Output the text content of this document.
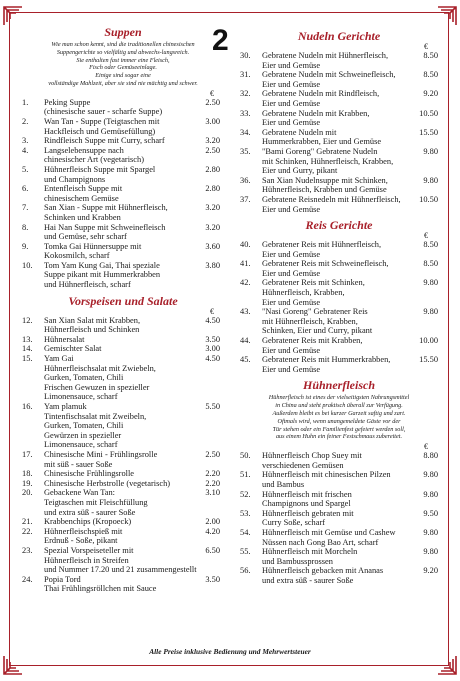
2
Suppen
Wie man schon kennt, sind die traditionellen chinesischen
Suppengerichte so vielfältig und abwechs-lungsreich.
Sie enthalten fast immer eine Fleisch,
Fisch oder Gemüseeinlage.
Einige sind sogar eine
vollständige Mahlzeit, aber sie sind nie mächtig und schwer.
€
1.	Peking Suppe
(chinesische sauer - scharfe Suppe)
2.50
2.	Wan Tan - Suppe (Teigtaschen mit
Hackfleisch und Gemüsefüllung)
3.00
3.	Rindfleisch Suppe mit Curry, scharf	3.20
4.	Langselebensuppe nach
chinesischer Art (vegetarisch)
2.50
5.	Hühnerfleisch Suppe mit Spargel
und Champignons
2.80
6.	Entenfleisch Suppe mit
chinesischem Gemüse
2.80
7.	San Xian - Suppe mit Hühnerfleisch,
Schinken und Krabben
3.20
8.	Hai Nan Suppe mit Schweinefleisch
und Gemüse, sehr scharf
3.20
9.	Tomka Gai Hünnersuppe mit
Kokosmilch, scharf
3.60
10.	Tom Yam Kung Gai, Thai speziale
Suppe pikant mit Hummerkrabben
und Hühnerfleisch, scharf
3.80
Vorspeisen und Salate
€
12.	San Xian Salat mit Krabben,
Hühnerfleisch und Schinken
4.50
13.	Hühnersalat	3.50
14.	Gemischter Salat	3.00
15.	Yam Gai
Hühnerfleischsalat mit Zwiebeln,
Gurken, Tomaten, Chili
Frischen Gewuzen in spezieller
Limonensauce, scharf
4.50
16.	Yam plamuk
Tintenfischsalat mit Zweibeln,
Gurken, Tomaten, Chili
Gewürzen in spezieller
Limonensauce, scharf
5.50
17.	Chinesische Mini - Frühlingsrolle
mit süß - sauer Soße
2.50
18.	Chinesische Frühlingsrolle	2.20
19.	Chinesische Herbstrolle (vegetarisch)	2.20
20.	Gebackene Wan Tan:
Teigtaschen mit Fleischfüllung
und extra süß - saurer Soße
3.10
21.	Krabbenchips (Kropoeck)	2.00
22.	Hühnerfleischspieß mit
Erdnuß - Soße, pikant
4.20
23.	Spezial Vorspeiseteller mit
Hühnerfleisch in Streifen
und Nummer 17.20 und 21 zusammengestellt
6.50
24.	Popia Tord
Thai Frühlingsröllchen mit Sauce
3.50
Nudeln Gerichte
€
30.	Gebratene Nudeln mit Hühnerfleisch,
Eier und Gemüse
8.50
31.	Gebratene Nudeln mit Schweinefleisch,
Eier und Gemüse
8.50
32.	Gebratene Nudeln mit Rindfleisch,
Eier und Gemüse
9.20
33.	Gebratene Nudeln mit Krabben,
Eier und Gemüse
10.50
34.	Gebratene Nudeln mit
Hummerkrabben, Eier und Gemüse
15.50
35.	"Bami Goreng" Gebratene Nudeln
mit Schinken, Hühnerfleisch, Krabben,
Eier und Gurry, pikant
9.80
36.	San Xian Nudelnsuppe mit Schinken,
Hühnerfleisch, Krabben und Gemüse
9.80
37.	Gebratene Reisnedeln mit Hühnerfleisch,
Eier und Gemüse
10.50
Reis Gerichte
€
40.	Gebratener Reis mit Hühnerfleisch,
Eier und Gemüse
8.50
41.	Gebratener Reis mit Schweinefleisch,
Eier und Gemüse
8.50
42.	Gebratener Reis mit Schinken,
Hühnerfleisch, Krabben,
Eier und Gemüse
9.80
43.	"Nasi Goreng" Gebratener Reis
mit Hühnerfleisch, Krabben,
Schinken, Eier und Curry, pikant
9.80
44.	Gebratener Reis mit Krabben,
Eier und Gemüse
10.00
45.	Gebratener Reis mit Hummerkrabben,
Eier und Gemüse
15.50
Hühnerfleisch
Hühnerfleisch ist eines der vielseitigsten Nahrungsmittel
in China und steht praktisch überall zur Verfügung.
Außerdem bleibt es bei kurzer Garzeit saftig und zart.
Oftmals wird, wenn unangemeldete Gäste vor der
Tür stehen oder ein Familienfest gefeiert werden soll,
aus einem Huhn ein feiner Festschmaus zubereitet.
€
50.	Hühnerfleisch Chop Suey mit
verschiedenen Gemüsen
8.80
51.	Hühnerfleisch mit chinesischen Pilzen
und Bambus
9.80
52.	Hühnerfleisch mit frischen
Champignons und Spargel
9.80
53.	Hühnerfleisch gebraten mit
Curry Soße, scharf
9.50
54.	Hühnerfleisch mit Gemüse und Cashew
Nüssen nach Gong Bao Art, scharf
9.80
55.	Hühnerfleisch mit Morcheln
und Bambussprossen
9.80
56.	Hühnerfleisch gebacken mit Ananas
und extra süß - saurer Soße
9.20
Alle Preise inklusive Bedienung und Mehrwertsteuer
